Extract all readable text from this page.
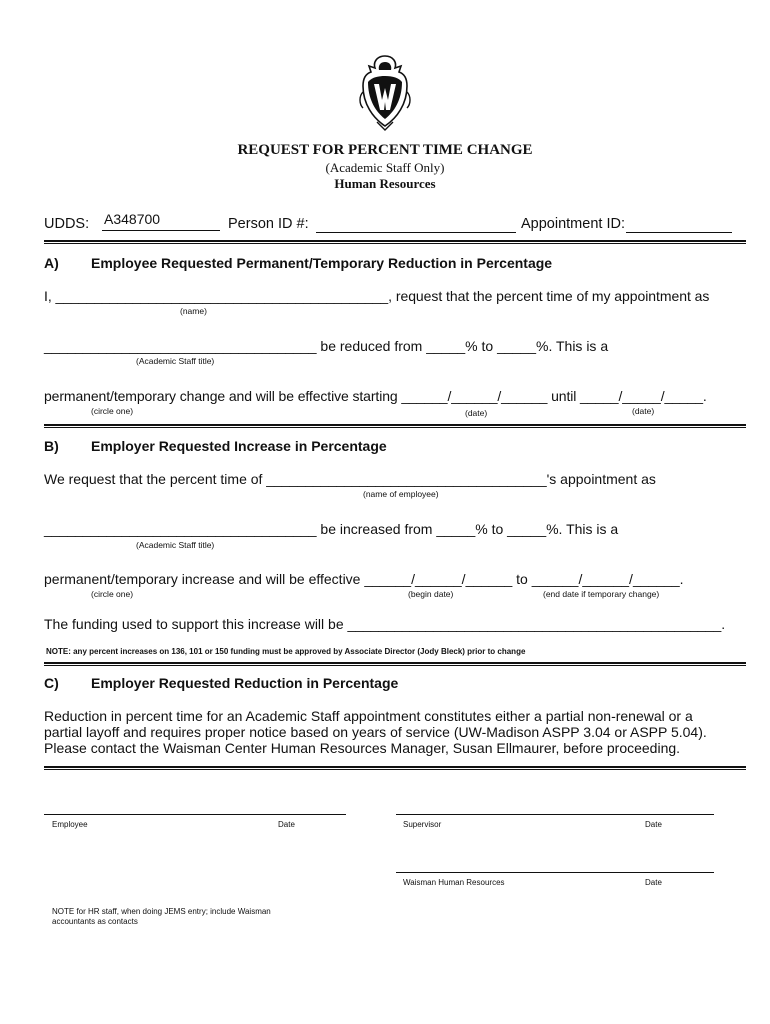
REQUEST FOR PERCENT TIME CHANGE
(Academic Staff Only)
Human Resources
UDDS: A348700	Person ID #:	Appointment ID:
A) Employee Requested Permanent/Temporary Reduction in Percentage
I, ___________________________________________, request that the percent time of my appointment as
(name)
___________________________________ be reduced from _____% to _____%. This is a
(Academic Staff title)
permanent/temporary change and will be effective starting ______/______/______ until _____/_____/_____.
(circle one)	(date)	(date)
B) Employer Requested Increase in Percentage
We request that the percent time of ____________________________________'s appointment as
(name of employee)
___________________________________ be increased from _____% to _____%. This is a
(Academic Staff title)
permanent/temporary increase and will be effective ______/______/______ to ______/______/______.
(circle one)	(begin date)	(end date if temporary change)
The funding used to support this increase will be ________________________________________________.
NOTE: any percent increases on 136, 101 or 150 funding must be approved by Associate Director (Jody Bleck) prior to change
C) Employer Requested Reduction in Percentage
Reduction in percent time for an Academic Staff appointment constitutes either a partial non-renewal or a
partial layoff and requires proper notice based on years of service (UW-Madison ASPP 3.04 or ASPP 5.04).
Please contact the Waisman Center Human Resources Manager, Susan Ellmaurer, before proceeding.
Employee	Date	Supervisor	Date
Waisman Human Resources	Date
NOTE for HR staff, when doing JEMS entry; include Waisman
accountants as contacts
